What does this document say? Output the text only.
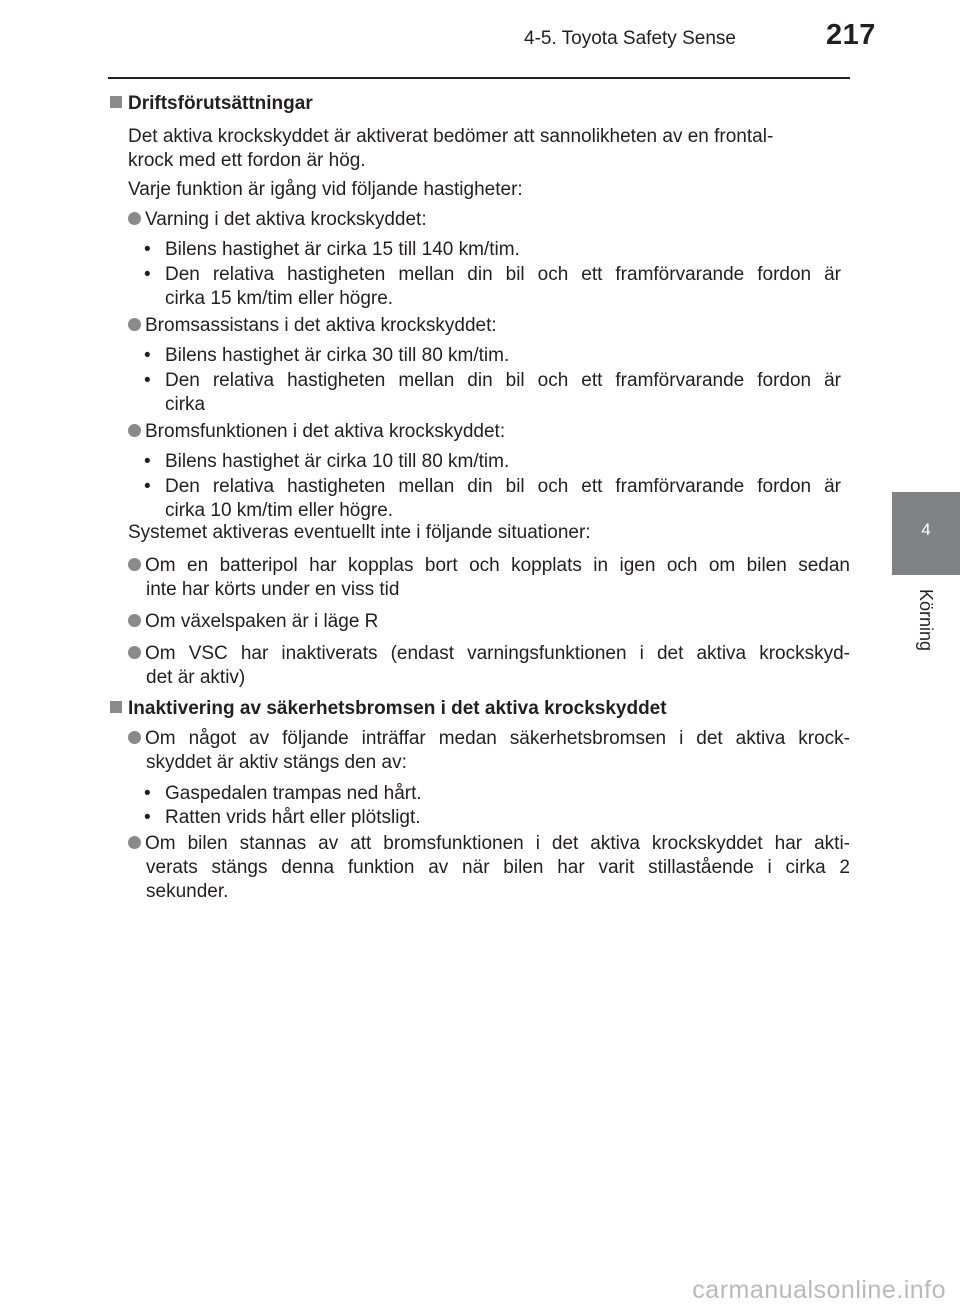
4-5. Toyota Safety Sense	217
4
Körning
Driftsförutsättningar
Det aktiva krockskyddet är aktiverat bedömer att sannolikheten av en frontal-
krock med ett fordon är hög.
Varje funktion är igång vid följande hastigheter:
Varning i det aktiva krockskyddet:
• Bilens hastighet är cirka 15 till 140 km/tim.
• Den relativa hastigheten mellan din bil och ett framförvarande fordon är
cirka 15 km/tim eller högre.
Bromsassistans i det aktiva krockskyddet:
• Bilens hastighet är cirka 30 till 80 km/tim.
• Den relativa hastigheten mellan din bil och ett framförvarande fordon är
cirka
Bromsfunktionen i det aktiva krockskyddet:
• Bilens hastighet är cirka 10 till 80 km/tim.
• Den relativa hastigheten mellan din bil och ett framförvarande fordon är
cirka 10 km/tim eller högre.
Systemet aktiveras eventuellt inte i följande situationer:
Om en batteripol har kopplas bort och kopplats in igen och om bilen sedan
inte har körts under en viss tid
Om växelspaken är i läge R
Om VSC har inaktiverats (endast varningsfunktionen i det aktiva krockskyd-
det är aktiv)
Inaktivering av säkerhetsbromsen i det aktiva krockskyddet
Om något av följande inträffar medan säkerhetsbromsen i det aktiva krock-
skyddet är aktiv stängs den av:
• Gaspedalen trampas ned hårt.
• Ratten vrids hårt eller plötsligt.
Om bilen stannas av att bromsfunktionen i det aktiva krockskyddet har akti-
verats stängs denna funktion av när bilen har varit stillastående i cirka 2
sekunder.
carmanualsonline.info
